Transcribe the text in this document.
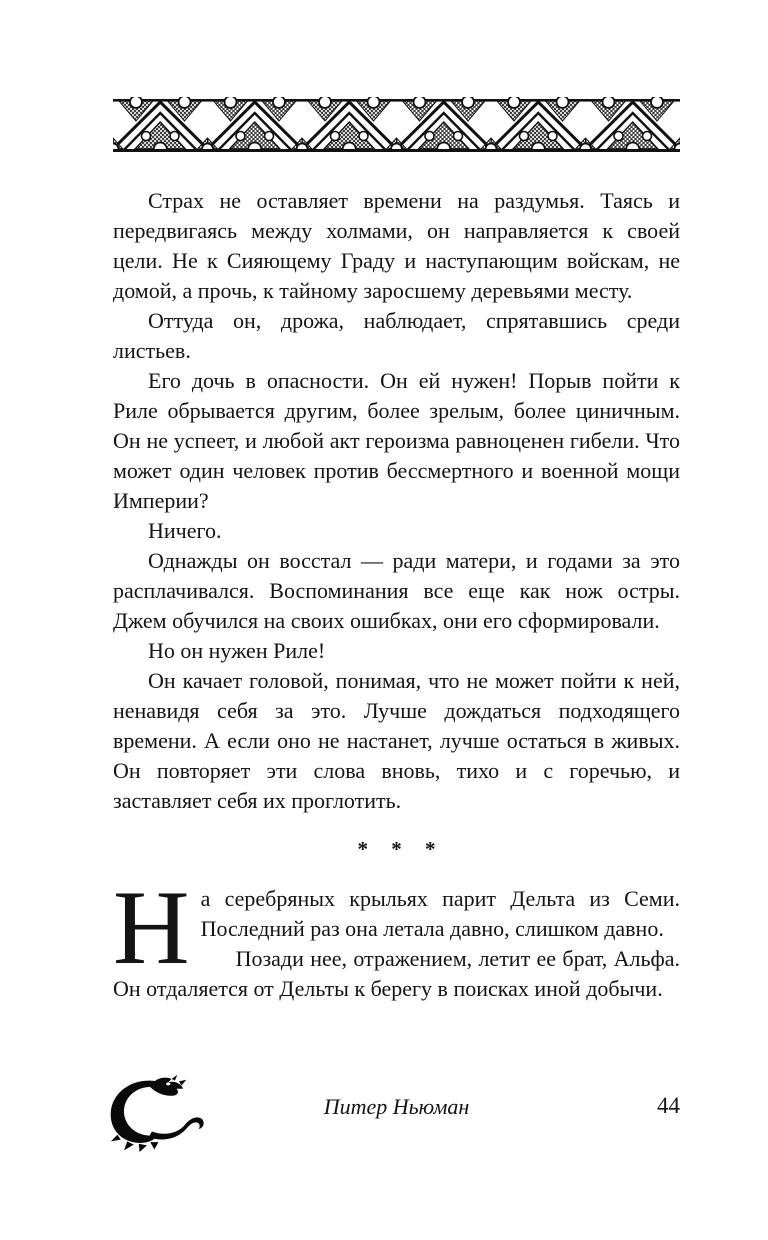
Страх не оставляет времени на раздумья. Таясь и передвигаясь между холмами, он направляется к своей цели. Не к Сияющему Граду и наступающим войскам, не домой, а прочь, к тайному заросшему деревьями месту.

Оттуда он, дрожа, наблюдает, спрятавшись среди листьев.

Его дочь в опасности. Он ей нужен! Порыв пойти к Риле обрывается другим, более зрелым, более циничным. Он не успеет, и любой акт героизма равноценен гибели. Что может один человек против бессмертного и военной мощи Империи?

Ничего.

Однажды он восстал — ради матери, и годами за это расплачивался. Воспоминания все еще как нож остры. Джем обучился на своих ошибках, они его сформировали.

Но он нужен Риле!

Он качает головой, понимая, что не может пойти к ней, ненавидя себя за это. Лучше дождаться подходящего времени. А если оно не настанет, лучше остаться в живых. Он повторяет эти слова вновь, тихо и с горечью, и заставляет себя их проглотить.

* * *

На серебряных крыльях парит Дельта из Семи. Последний раз она летала давно, слишком давно.

Позади нее, отражением, летит ее брат, Альфа. Он отдаляется от Дельты к берегу в поисках иной добычи.

Питер Ньюман	44
